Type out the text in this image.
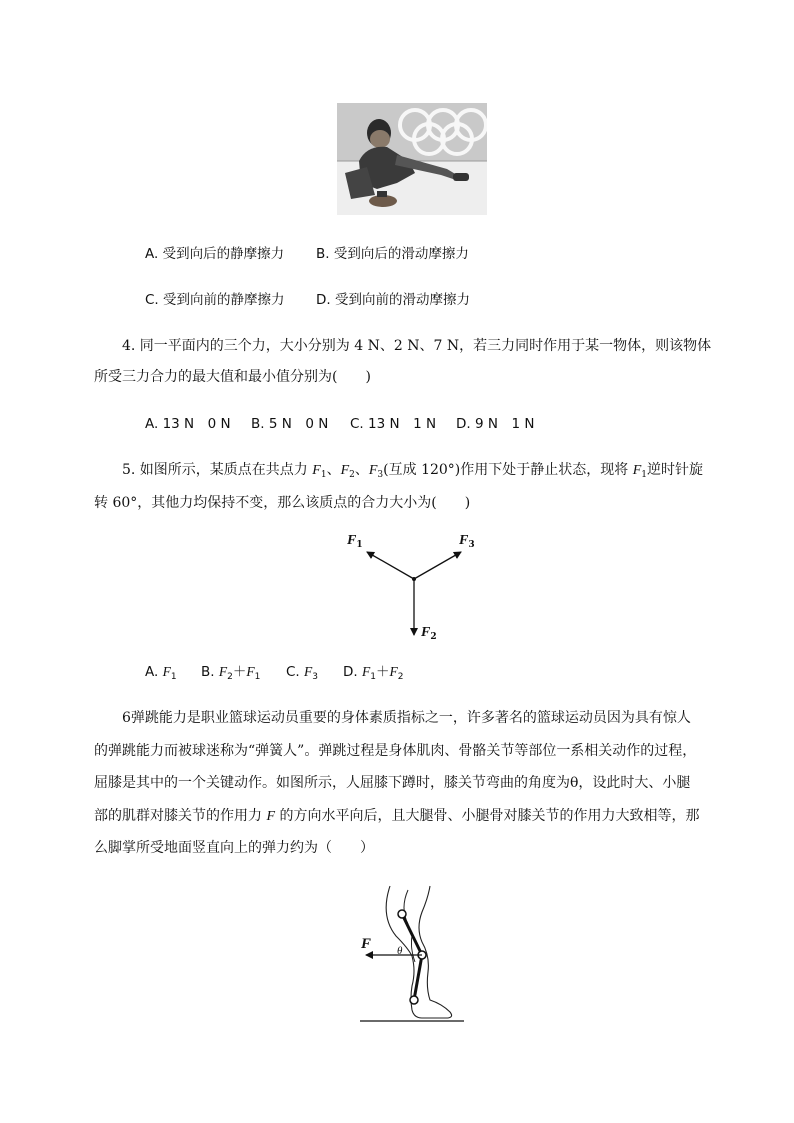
A. 受到向后的静摩擦力 B. 受到向后的滑动摩擦力
C. 受到向前的静摩擦力 D. 受到向前的滑动摩擦力
4. 同一平面内的三个力，大小分别为 4 N、2 N、7 N，若三力同时作用于某一物体，则该物体
所受三力合力的最大值和最小值分别为(　　)
A. 13 N　0 N B. 5 N　0 N C. 13 N　1 N D. 9 N　1 N
5. 如图所示，某质点在共点力 $F_1$、$F_2$、$F_3$(互成 120°)作用下处于静止状态，现将 $F_1$逆时针旋
转 60°，其他力均保持不变，那么该质点的合力大小为(　　)
$F_1$	$F_3$
$F_2$
A. $F_1$ B. $F_2+F_1$ C. $F_3$ D. $F_1+F_2$
6弹跳能力是职业篮球运动员重要的身体素质指标之一，许多著名的篮球运动员因为具有惊人
的弹跳能力而被球迷称为“弹簧人”。弹跳过程是身体肌肉、骨骼关节等部位一系相关动作的过程，
屈膝是其中的一个关键动作。如图所示，人屈膝下蹲时，膝关节弯曲的角度为θ，设此时大、小腿
部的肌群对膝关节的作用力 F 的方向水平向后，且大腿骨、小腿骨对膝关节的作用力大致相等，那
么脚掌所受地面竖直向上的弹力约为（　　）
F θ
